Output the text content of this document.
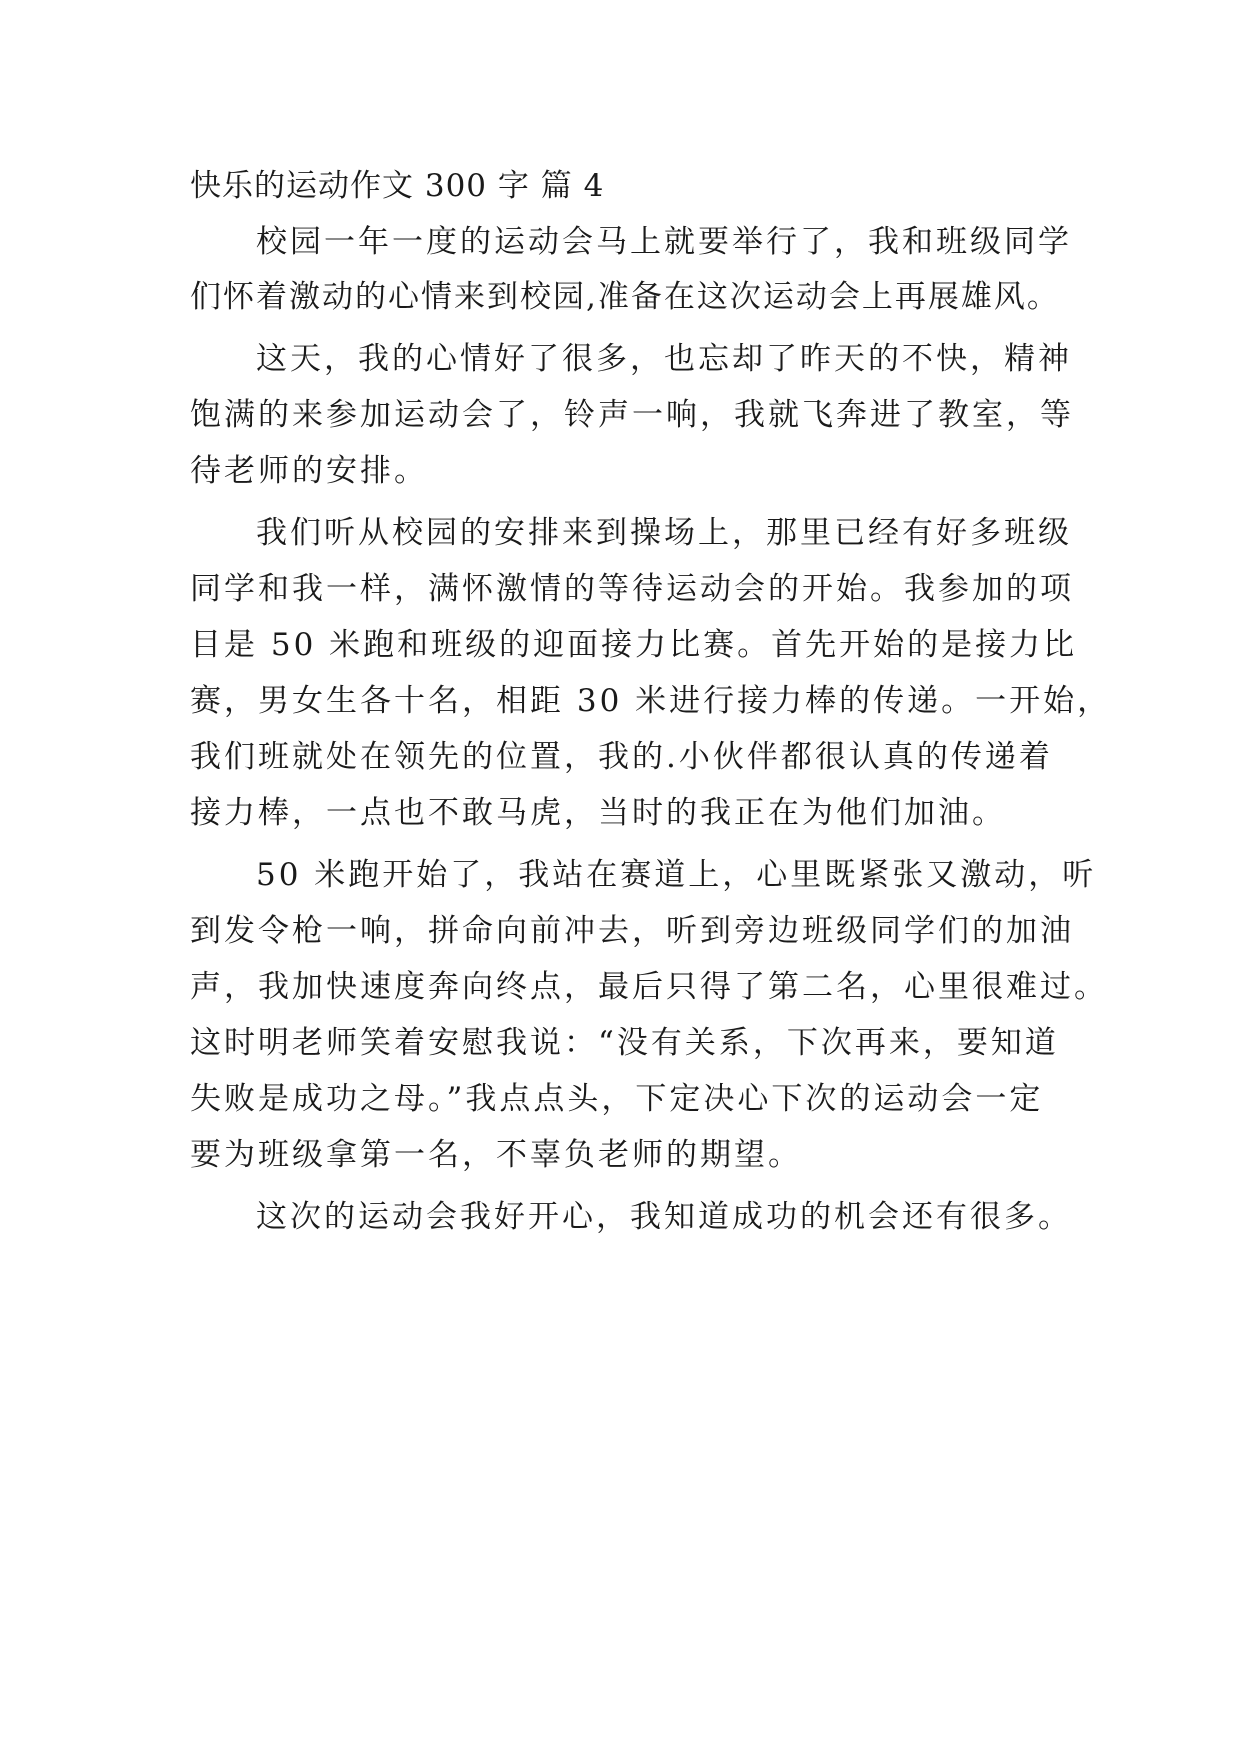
快乐的运动作文 300 字 篇 4
校园一年一度的运动会马上就要举行了，我和班级同学
们怀着激动的心情来到校园,准备在这次运动会上再展雄风。
这天，我的心情好了很多，也忘却了昨天的不快，精神
饱满的来参加运动会了，铃声一响，我就飞奔进了教室，等
待老师的安排。
我们听从校园的安排来到操场上，那里已经有好多班级
同学和我一样，满怀激情的等待运动会的开始。我参加的项
目是 50 米跑和班级的迎面接力比赛。首先开始的是接力比
赛，男女生各十名，相距 30 米进行接力棒的传递。一开始，
我们班就处在领先的位置，我的.小伙伴都很认真的传递着
接力棒，一点也不敢马虎，当时的我正在为他们加油。
50 米跑开始了，我站在赛道上，心里既紧张又激动，听
到发令枪一响，拼命向前冲去，听到旁边班级同学们的加油
声，我加快速度奔向终点，最后只得了第二名，心里很难过。
这时明老师笑着安慰我说：“没有关系，下次再来，要知道
失败是成功之母。”我点点头，下定决心下次的运动会一定
要为班级拿第一名，不辜负老师的期望。
这次的运动会我好开心，我知道成功的机会还有很多。
